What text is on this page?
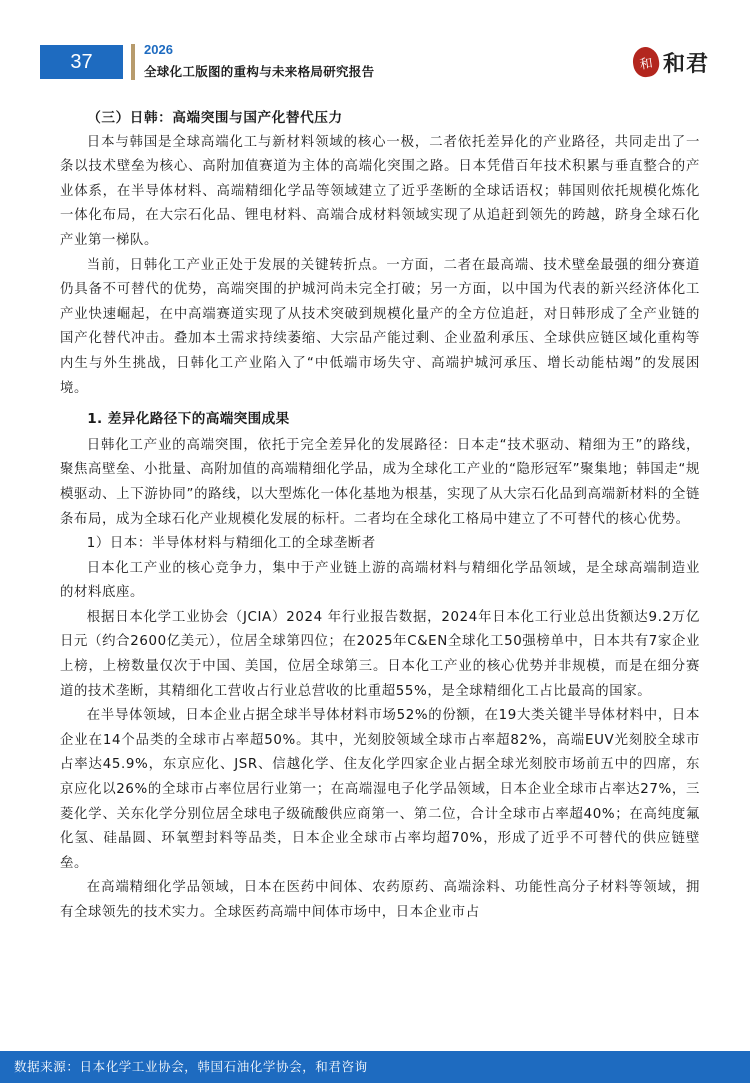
37
2026
全球化工版图的重构与未来格局研究报告	和 和君
（三）日韩：高端突围与国产化替代压力

日本与韩国是全球高端化工与新材料领域的核心一极，二者依托差异化的产业路径，共同走出了一条以技术壁垒为核心、高附加值赛道为主体的高端化突围之路。日本凭借百年技术积累与垂直整合的产业体系，在半导体材料、高端精细化学品等领域建立了近乎垄断的全球话语权；韩国则依托规模化炼化一体化布局，在大宗石化品、锂电材料、高端合成材料领域实现了从追赶到领先的跨越，跻身全球石化产业第一梯队。

当前，日韩化工产业正处于发展的关键转折点。一方面，二者在最高端、技术壁垒最强的细分赛道仍具备不可替代的优势，高端突围的护城河尚未完全打破；另一方面，以中国为代表的新兴经济体化工产业快速崛起，在中高端赛道实现了从技术突破到规模化量产的全方位追赶，对日韩形成了全产业链的国产化替代冲击。叠加本土需求持续萎缩、大宗品产能过剩、企业盈利承压、全球供应链区域化重构等内生与外生挑战，日韩化工产业陷入了“中低端市场失守、高端护城河承压、增长动能枯竭”的发展困境。

1. 差异化路径下的高端突围成果

日韩化工产业的高端突围，依托于完全差异化的发展路径：日本走“技术驱动、精细为王”的路线，聚焦高壁垒、小批量、高附加值的高端精细化学品，成为全球化工产业的“隐形冠军”聚集地；韩国走“规模驱动、上下游协同”的路线，以大型炼化一体化基地为根基，实现了从大宗石化品到高端新材料的全链条布局，成为全球石化产业规模化发展的标杆。二者均在全球化工格局中建立了不可替代的核心优势。

1）日本：半导体材料与精细化工的全球垄断者

日本化工产业的核心竞争力，集中于产业链上游的高端材料与精细化学品领域，是全球高端制造业的材料底座。

根据日本化学工业协会（JCIA）2024 年行业报告数据，2024年日本化工行业总出货额达9.2万亿日元（约合2600亿美元），位居全球第四位；在2025年C&EN全球化工50强榜单中，日本共有7家企业上榜，上榜数量仅次于中国、美国，位居全球第三。日本化工产业的核心优势并非规模，而是在细分赛道的技术垄断，其精细化工营收占行业总营收的比重超55%，是全球精细化工占比最高的国家。

在半导体领域，日本企业占据全球半导体材料市场52%的份额，在19大类关键半导体材料中，日本企业在14个品类的全球市占率超50%。其中，光刻胶领域全球市占率超82%，高端EUV光刻胶全球市占率达45.9%，东京应化、JSR、信越化学、住友化学四家企业占据全球光刻胶市场前五中的四席，东京应化以26%的全球市占率位居行业第一；在高端湿电子化学品领域，日本企业全球市占率达27%，三菱化学、关东化学分别位居全球电子级硫酸供应商第一、第二位，合计全球市占率超40%；在高纯度氟化氢、硅晶圆、环氧塑封料等品类，日本企业全球市占率均超70%，形成了近乎不可替代的供应链壁垒。

在高端精细化学品领域，日本在医药中间体、农药原药、高端涂料、功能性高分子材料等领域，拥有全球领先的技术实力。全球医药高端中间体市场中，日本企业市占

数据来源：日本化学工业协会，韩国石油化学协会，和君咨询
